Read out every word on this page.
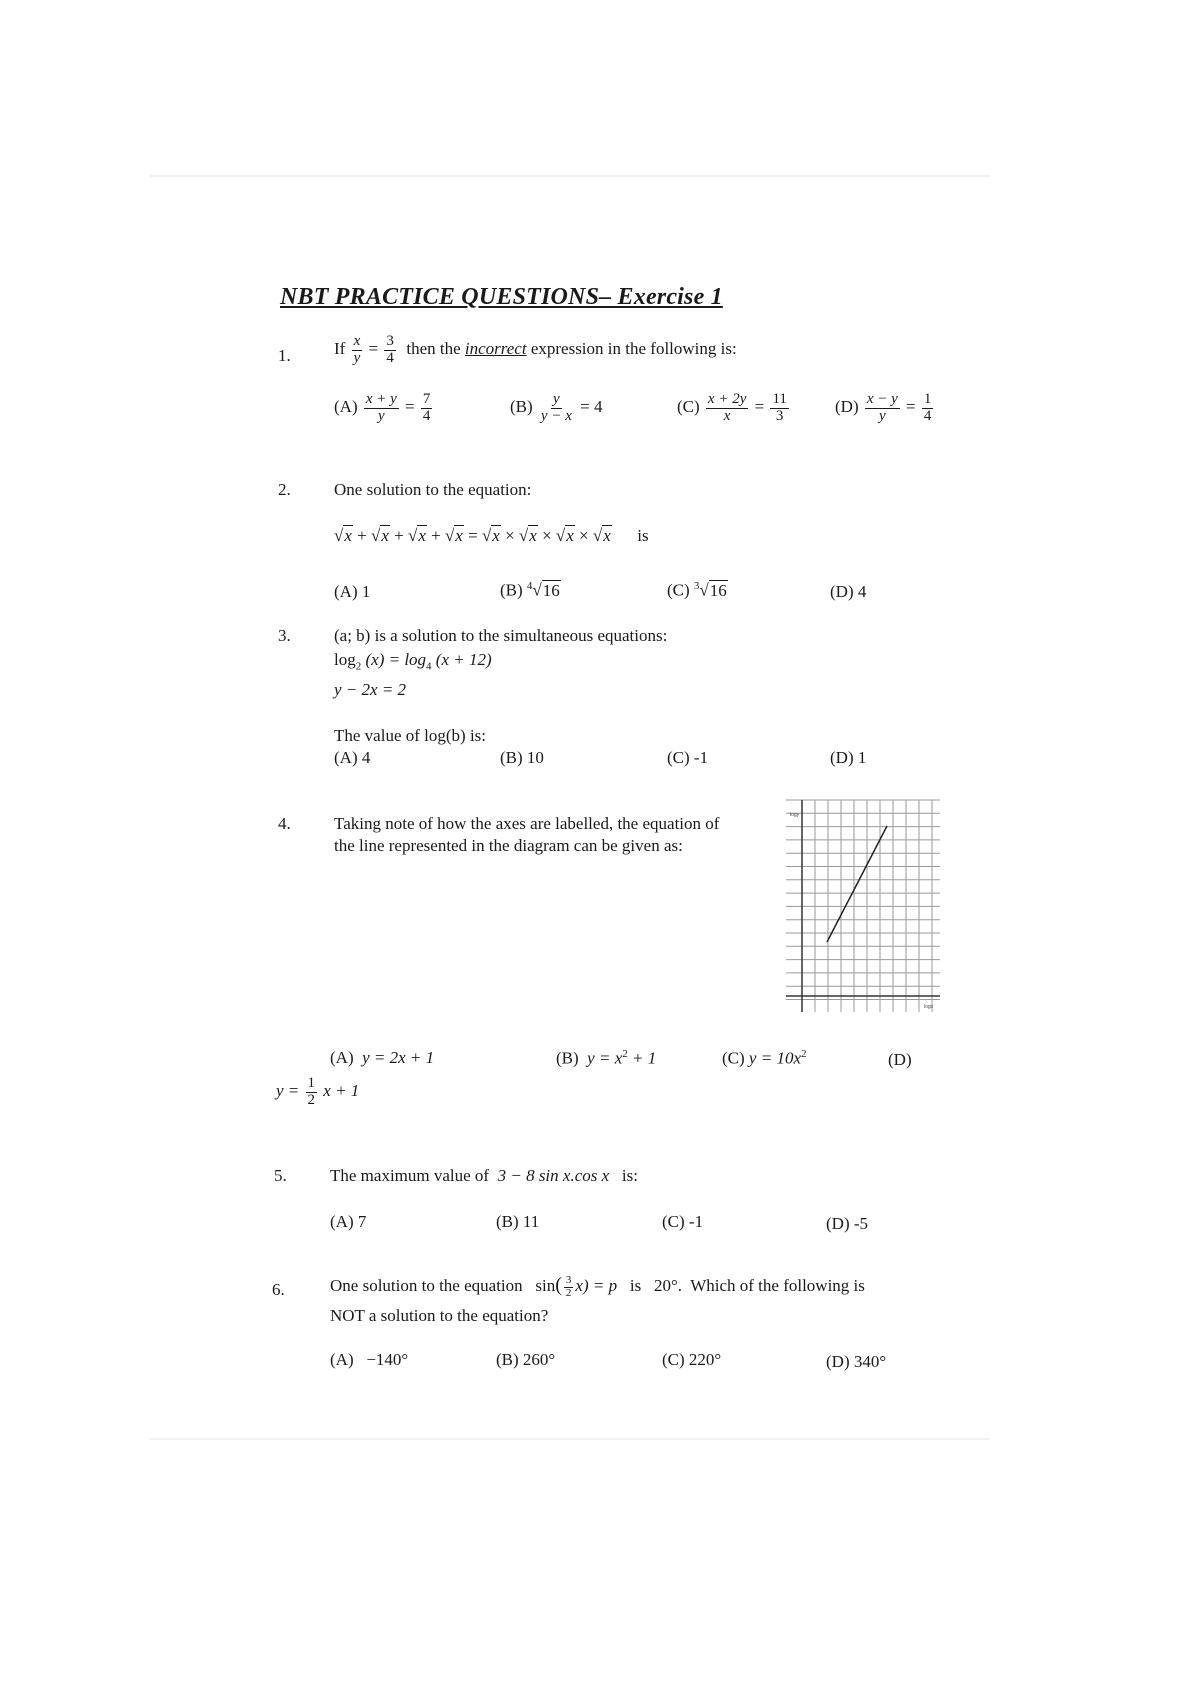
NBT PRACTICE QUESTIONS– Exercise 1
1.	If $\frac{x}{y} = \frac{3}{4}$ then the incorrect expression in the following is:
$(A) \frac{x + y}{y} = \frac{7}{4}$	$(B) \frac{y}{y - x} = 4$	$(C) \frac{x + 2y}{x} = \frac{11}{3}$	$(D) \frac{x - y}{y} = \frac{1}{4}$
2.	One solution to the equation:
√x + √x + √x + √x = √x × √x × √x × √x is
(A) 1	(B) $^4$√16	(C) $^3$√16	(D) 4
3.	(a; b) is a solution to the simultaneous equations:
$\log_2 (x) = \log_4 (x + 12)$
y − 2x = 2
The value of log(b) is:
(A) 4	(B) 10	(C) -1	(D) 1
4.	Taking note of how the axes are labelled, the equation of
the line represented in the diagram can be given as:
logy
logx
(A) y = 2x + 1	(B) $y = x^2 + 1$	(C) $y = 10x^2$	(D)
$y = \frac{1}{2}$ x + 1
5.	The maximum value of 3 − 8 sin x.cos x is:
(A) 7	(B) 11	(C) -1	(D) -5
6.	One solution to the equation $\sin( \frac{3}{2} x) = p$ is 20°. Which of the following is
NOT a solution to the equation?
(A)   −140°	(B) 260°	(C) 220°	(D) 340°
